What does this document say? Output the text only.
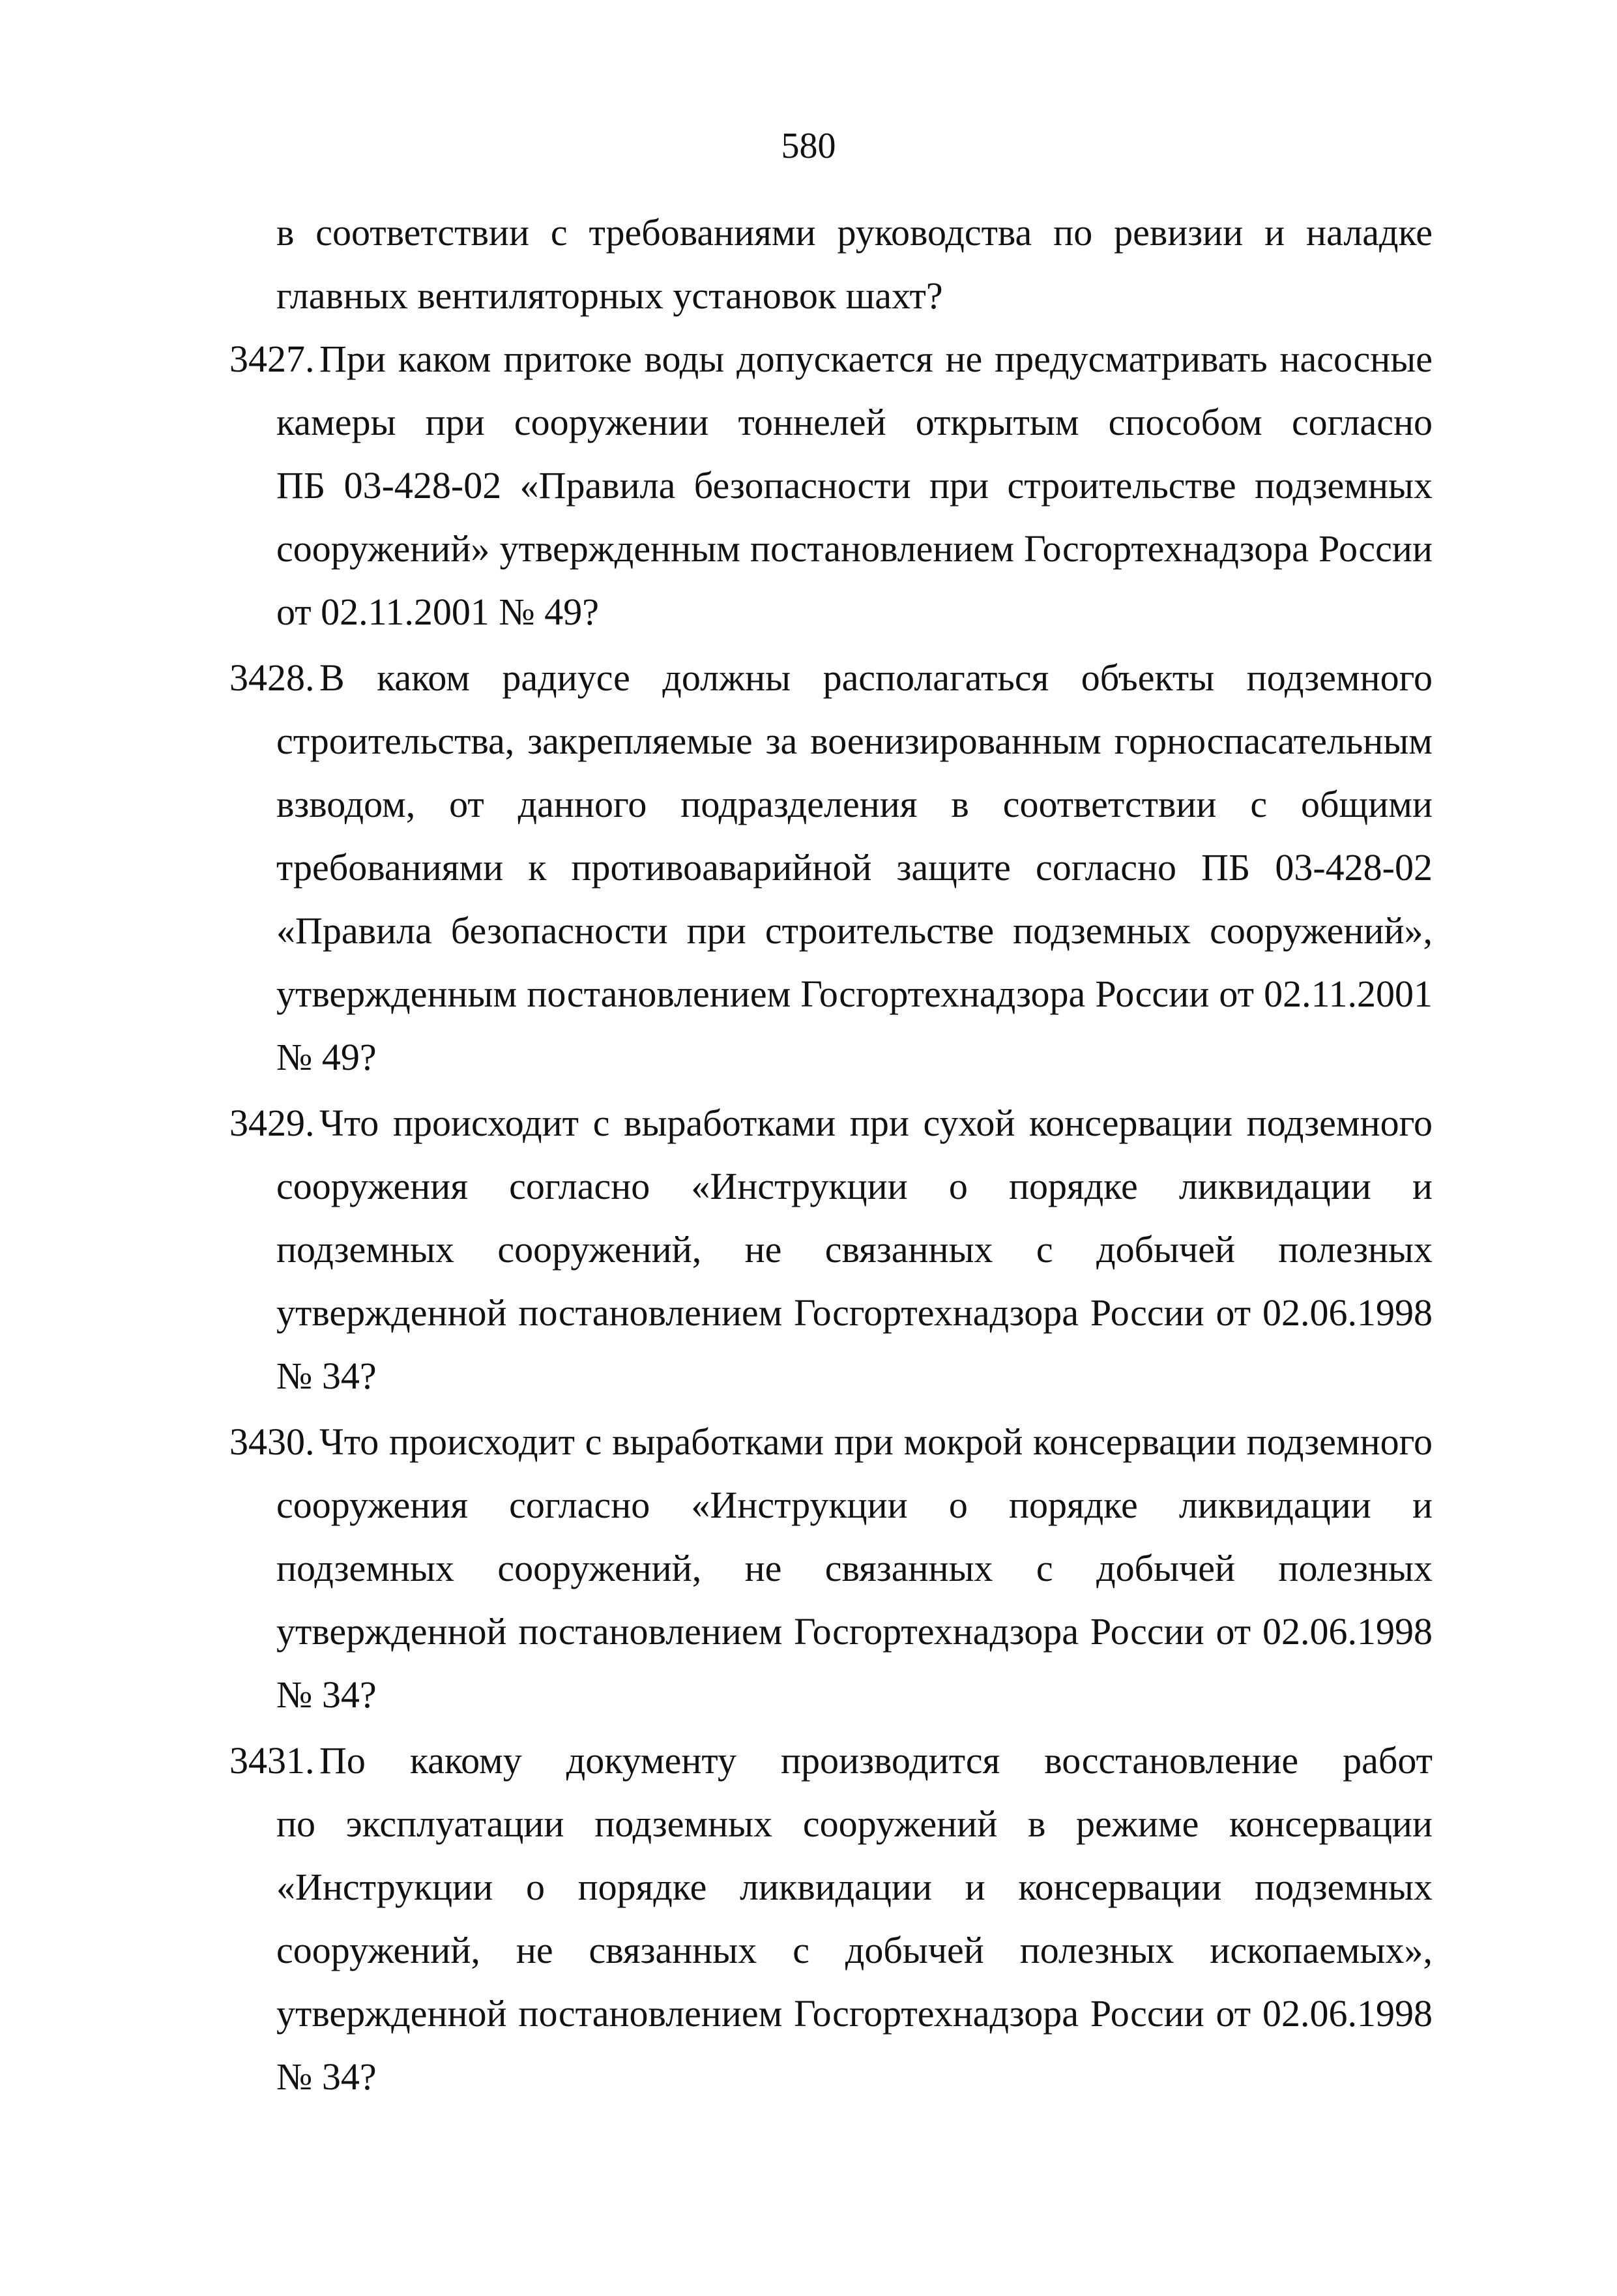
580
в соответствии с требованиями руководства по ревизии и наладке
главных вентиляторных установок шахт?
3427. При каком притоке воды допускается не предусматривать насосные
камеры при сооружении тоннелей открытым способом согласно
ПБ 03-428-02 «Правила безопасности при строительстве подземных
сооружений» утвержденным постановлением Госгортехнадзора России
от 02.11.2001 № 49?
3428. В каком радиусе должны располагаться объекты подземного
строительства, закрепляемые за военизированным горноспасательным
взводом, от данного подразделения в соответствии с общими
требованиями к противоаварийной защите согласно ПБ 03-428-02
«Правила безопасности при строительстве подземных сооружений»,
утвержденным постановлением Госгортехнадзора России от 02.11.2001
№ 49?
3429. Что происходит с выработками при сухой консервации подземного
сооружения согласно «Инструкции о порядке ликвидации и
подземных сооружений, не связанных с добычей полезных
утвержденной постановлением Госгортехнадзора России от 02.06.1998
№ 34?
3430. Что происходит с выработками при мокрой консервации подземного
сооружения согласно «Инструкции о порядке ликвидации и
подземных сооружений, не связанных с добычей полезных
утвержденной постановлением Госгортехнадзора России от 02.06.1998
№ 34?
3431. По какому документу производится восстановление работ
по эксплуатации подземных сооружений в режиме консервации
«Инструкции о порядке ликвидации и консервации подземных
сооружений, не связанных с добычей полезных ископаемых»,
утвержденной постановлением Госгортехнадзора России от 02.06.1998
№ 34?
